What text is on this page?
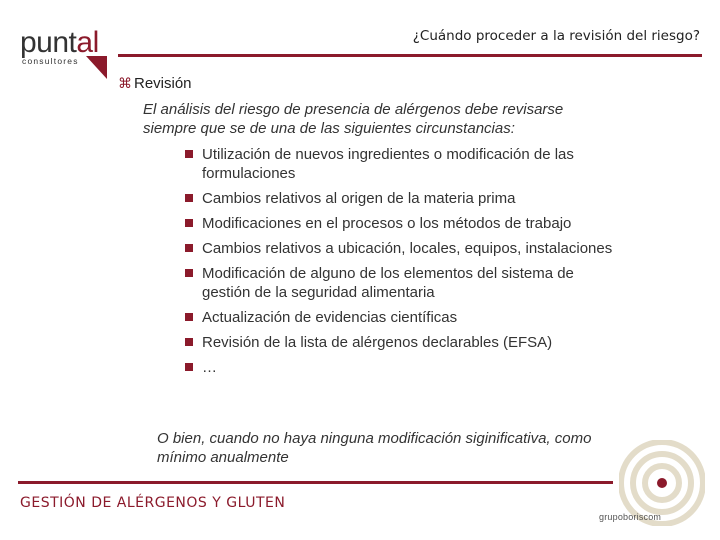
puntal
consultores
¿Cuándo proceder a la revisión del riesgo?
⌘ Revisión
El análisis del riesgo de presencia de alérgenos debe revisarse siempre que se de una de las siguientes circunstancias:
Utilización de nuevos ingredientes o modificación de las formulaciones
Cambios relativos al origen de la materia prima
Modificaciones en el procesos o los métodos de trabajo
Cambios relativos a ubicación, locales, equipos, instalaciones
Modificación de alguno de los elementos del sistema de gestión de la seguridad alimentaria
Actualización de evidencias científicas
Revisión de la lista de alérgenos declarables (EFSA)
…
O bien, cuando no haya ninguna modificación siginificativa, como mínimo anualmente
GESTIÓN DE ALÉRGENOS Y GLUTEN
grupoboriscom
